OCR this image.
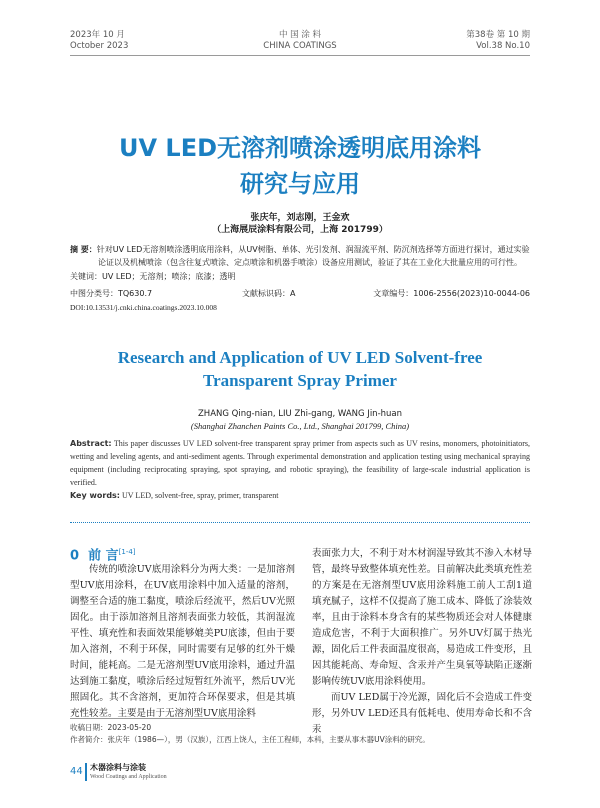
2023年 10 月
October 2023
中 国 涂 料
CHINA COATINGS
第38卷 第 10 期
Vol.38 No.10
UV LED无溶剂喷涂透明底用涂料
研究与应用
张庆年，刘志刚，王金欢
（上海展辰涂料有限公司，上海 201799）
摘 要：针对UV LED无溶剂喷涂透明底用涂料，从UV树脂、单体、光引发剂、润湿流平剂、防沉剂选择等方面进行探讨，通过实验
论证以及机械喷涂（包含往复式喷涂、定点喷涂和机器手喷涂）设备应用测试，验证了其在工业化大批量应用的可行性。
关键词：UV LED；无溶剂；喷涂；底漆；透明
中图分类号：TQ630.7	文献标识码：A	文章编号：1006-2556(2023)10-0044-06
DOI:10.13531/j.cnki.china.coatings.2023.10.008
Research and Application of UV LED Solvent-free
Transparent Spray Primer
ZHANG Qing-nian, LIU Zhi-gang, WANG Jin-huan
(Shanghai Zhanchen Paints Co., Ltd., Shanghai 201799, China)
Abstract: This paper discusses UV LED solvent-free transparent spray primer from aspects such as UV resins, monomers, photoinitiators, wetting and leveling agents, and anti-sediment agents. Through experimental demonstration and application testing using mechanical spraying equipment (including reciprocating spraying, spot spraying, and robotic spraying), the feasibility of large-scale industrial application is verified.
Key words: UV LED, solvent-free, spray, primer, transparent
0 前 言[1-4]

传统的喷涂UV底用涂料分为两大类：一是加溶剂型UV底用涂料，在UV底用涂料中加入适量的溶剂，调整至合适的施工黏度，喷涂后经流平，然后UV光照固化。由于添加溶剂且溶剂表面张力较低，其润湿流平性、填充性和表面效果能够媲美PU底漆，但由于要加入溶剂，不利于环保，同时需要有足够的红外干燥时间，能耗高。二是无溶剂型UV底用涂料，通过升温达到施工黏度，喷涂后经过短暂红外流平，然后UV光照固化。其不含溶剂，更加符合环保要求，但是其填充性较差。主要是由于无溶剂型UV底用涂料

表面张力大，不利于对木材润湿导致其不渗入木材导管，最终导致整体填充性差。目前解决此类填充性差的方案是在无溶剂型UV底用涂料施工前人工刮1道填充腻子，这样不仅提高了施工成本、降低了涂装效率，且由于涂料本身含有的某些物质还会对人体健康造成危害，不利于大面积推广。另外UV灯属于热光源，固化后工件表面温度很高，易造成工件变形，且因其能耗高、寿命短、含汞并产生臭氧等缺陷正逐渐影响传统UV底用涂料使用。

而UV LED属于冷光源，固化后不会造成工件变形，另外UV LED还具有低耗电、使用寿命长和不含汞

收稿日期：2023-05-20
作者简介：张庆年（1986—），男（汉族），江西上饶人，主任工程师，本科，主要从事木器UV涂料的研究。
44 木器涂料与涂装
Wood Coatings and Application
